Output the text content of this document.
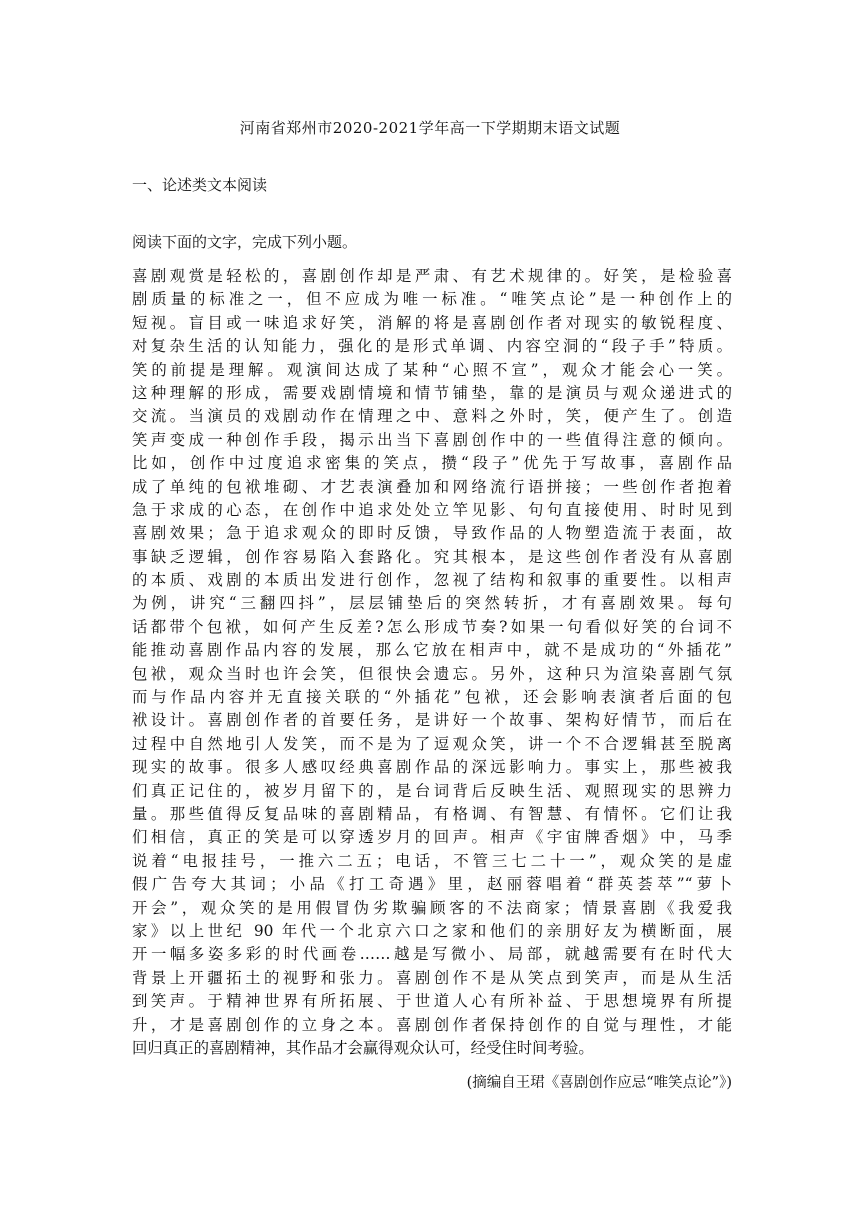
河南省郑州市2020-2021学年高一下学期期末语文试题
一、论述类文本阅读
阅读下面的文字，完成下列小题。
喜剧观赏是轻松的，喜剧创作却是严肃、有艺术规律的。好笑，是检验喜
剧质量的标准之一，但不应成为唯一标准。“唯笑点论”是一种创作上的
短视。盲目或一味追求好笑，消解的将是喜剧创作者对现实的敏锐程度、
对复杂生活的认知能力，强化的是形式单调、内容空洞的“段子手”特质。
笑的前提是理解。观演间达成了某种“心照不宣”，观众才能会心一笑。
这种理解的形成，需要戏剧情境和情节铺垫，靠的是演员与观众递进式的
交流。当演员的戏剧动作在情理之中、意料之外时，笑，便产生了。创造
笑声变成一种创作手段，揭示出当下喜剧创作中的一些值得注意的倾向。
比如，创作中过度追求密集的笑点，攒“段子”优先于写故事，喜剧作品
成了单纯的包袱堆砌、才艺表演叠加和网络流行语拼接；一些创作者抱着
急于求成的心态，在创作中追求处处立竿见影、句句直接使用、时时见到
喜剧效果；急于追求观众的即时反馈，导致作品的人物塑造流于表面，故
事缺乏逻辑，创作容易陷入套路化。究其根本，是这些创作者没有从喜剧
的本质、戏剧的本质出发进行创作，忽视了结构和叙事的重要性。以相声
为例，讲究“三翻四抖”，层层铺垫后的突然转折，才有喜剧效果。每句
话都带个包袱，如何产生反差?怎么形成节奏?如果一句看似好笑的台词不
能推动喜剧作品内容的发展，那么它放在相声中，就不是成功的“外插花”
包袱，观众当时也许会笑，但很快会遗忘。另外，这种只为渲染喜剧气氛
而与作品内容并无直接关联的“外插花”包袱，还会影响表演者后面的包
袱设计。喜剧创作者的首要任务，是讲好一个故事、架构好情节，而后在
过程中自然地引人发笑，而不是为了逗观众笑，讲一个不合逻辑甚至脱离
现实的故事。很多人感叹经典喜剧作品的深远影响力。事实上，那些被我
们真正记住的，被岁月留下的，是台词背后反映生活、观照现实的思辨力
量。那些值得反复品味的喜剧精品，有格调、有智慧、有情怀。它们让我
们相信，真正的笑是可以穿透岁月的回声。相声《宇宙牌香烟》中，马季
说着“电报挂号，一推六二五；电话，不管三七二十一”，观众笑的是虚
假广告夸大其词；小品《打工奇遇》里，赵丽蓉唱着“群英荟萃”“萝卜
开会”，观众笑的是用假冒伪劣欺骗顾客的不法商家；情景喜剧《我爱我
家》以上世纪 90 年代一个北京六口之家和他们的亲朋好友为横断面，展
开一幅多姿多彩的时代画卷……越是写微小、局部，就越需要有在时代大
背景上开疆拓土的视野和张力。喜剧创作不是从笑点到笑声，而是从生活
到笑声。于精神世界有所拓展、于世道人心有所补益、于思想境界有所提
升，才是喜剧创作的立身之本。喜剧创作者保持创作的自觉与理性，才能
回归真正的喜剧精神，其作品才会赢得观众认可，经受住时间考验。
(摘编自王珺《喜剧创作应忌“唯笑点论”》)
